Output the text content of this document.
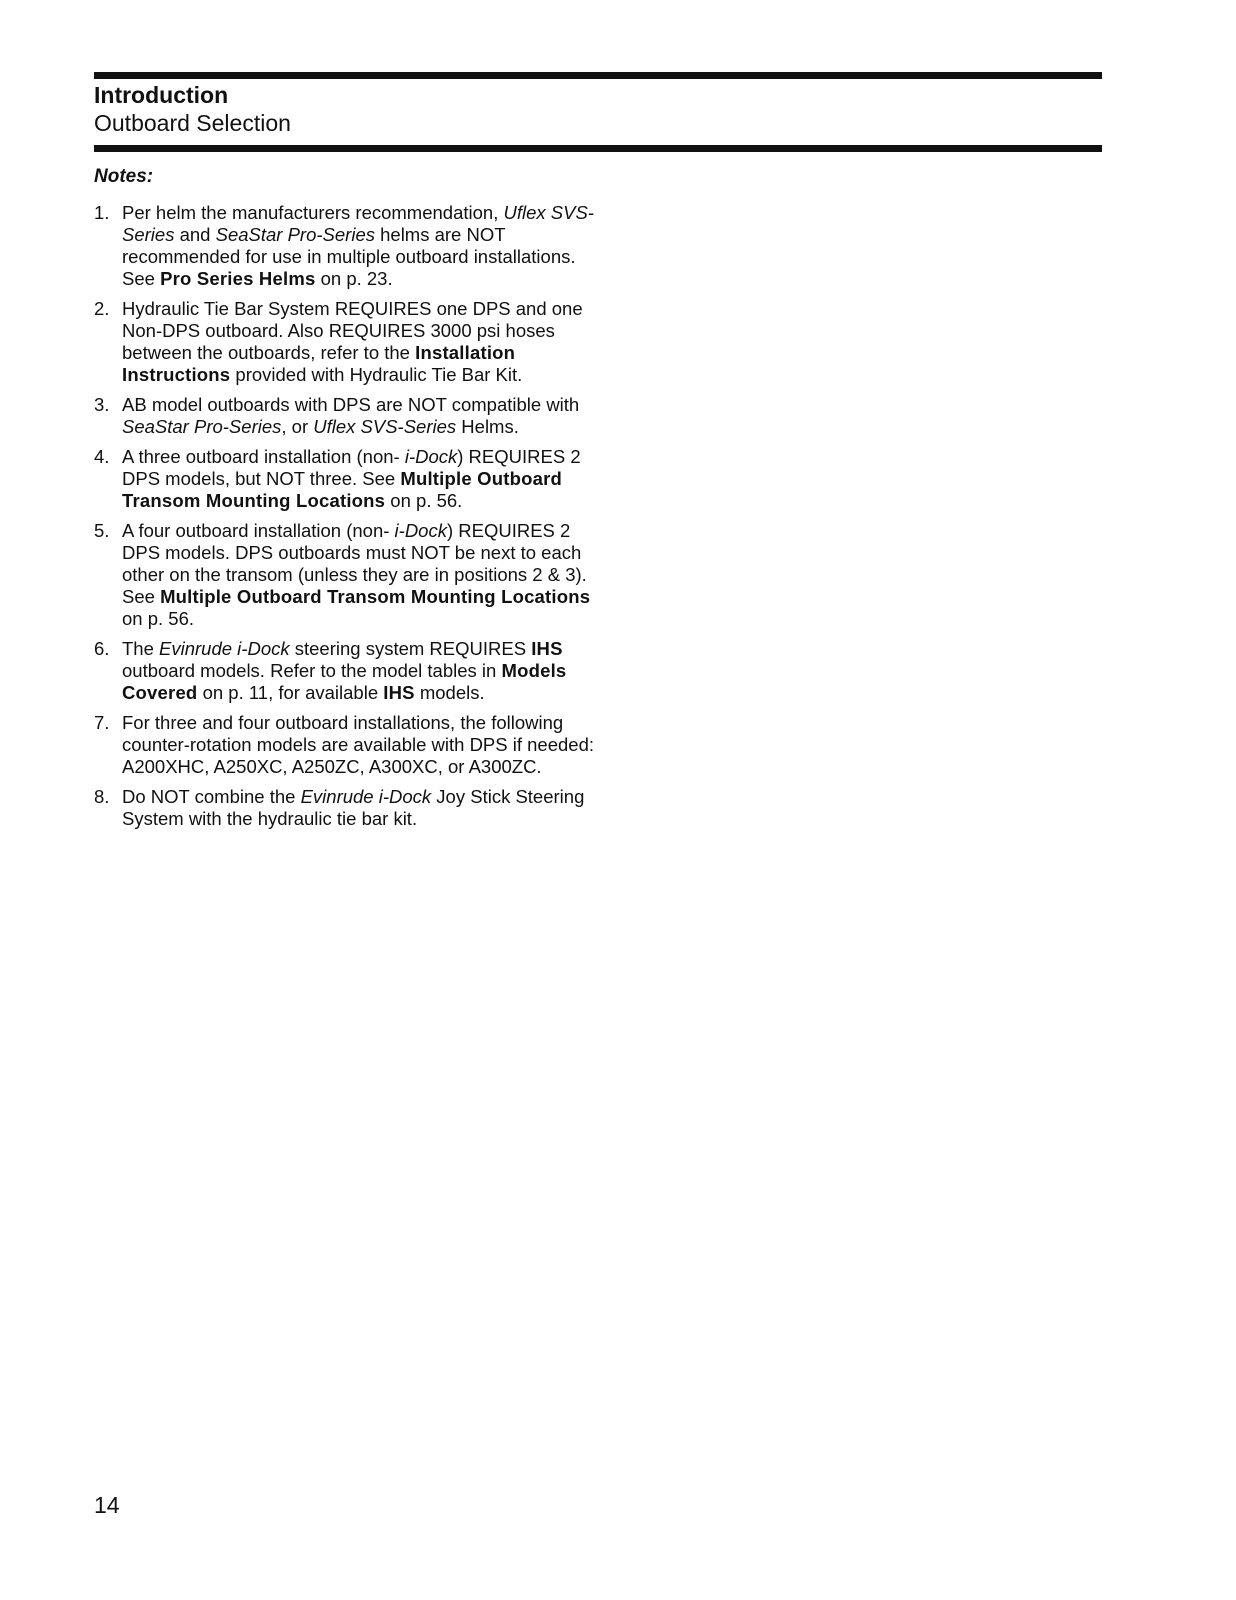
Introduction
Outboard Selection
Notes:
1. Per helm the manufacturers recommendation, Uflex SVS-Series and SeaStar Pro-Series helms are NOT recommended for use in multiple outboard installations. See Pro Series Helms on p. 23.
2. Hydraulic Tie Bar System REQUIRES one DPS and one Non-DPS outboard. Also REQUIRES 3000 psi hoses between the outboards, refer to the Installation Instructions provided with Hydraulic Tie Bar Kit.
3. AB model outboards with DPS are NOT compatible with SeaStar Pro-Series, or Uflex SVS-Series Helms.
4. A three outboard installation (non- i-Dock) REQUIRES 2 DPS models, but NOT three. See Multiple Outboard Transom Mounting Locations on p. 56.
5. A four outboard installation (non- i-Dock) REQUIRES 2 DPS models. DPS outboards must NOT be next to each other on the transom (unless they are in positions 2 & 3). See Multiple Outboard Transom Mounting Locations on p. 56.
6. The Evinrude i-Dock steering system REQUIRES IHS outboard models. Refer to the model tables in Models Covered on p. 11, for available IHS models.
7. For three and four outboard installations, the following counter-rotation models are available with DPS if needed: A200XHC, A250XC, A250ZC, A300XC, or A300ZC.
8. Do NOT combine the Evinrude i-Dock Joy Stick Steering System with the hydraulic tie bar kit.
14
